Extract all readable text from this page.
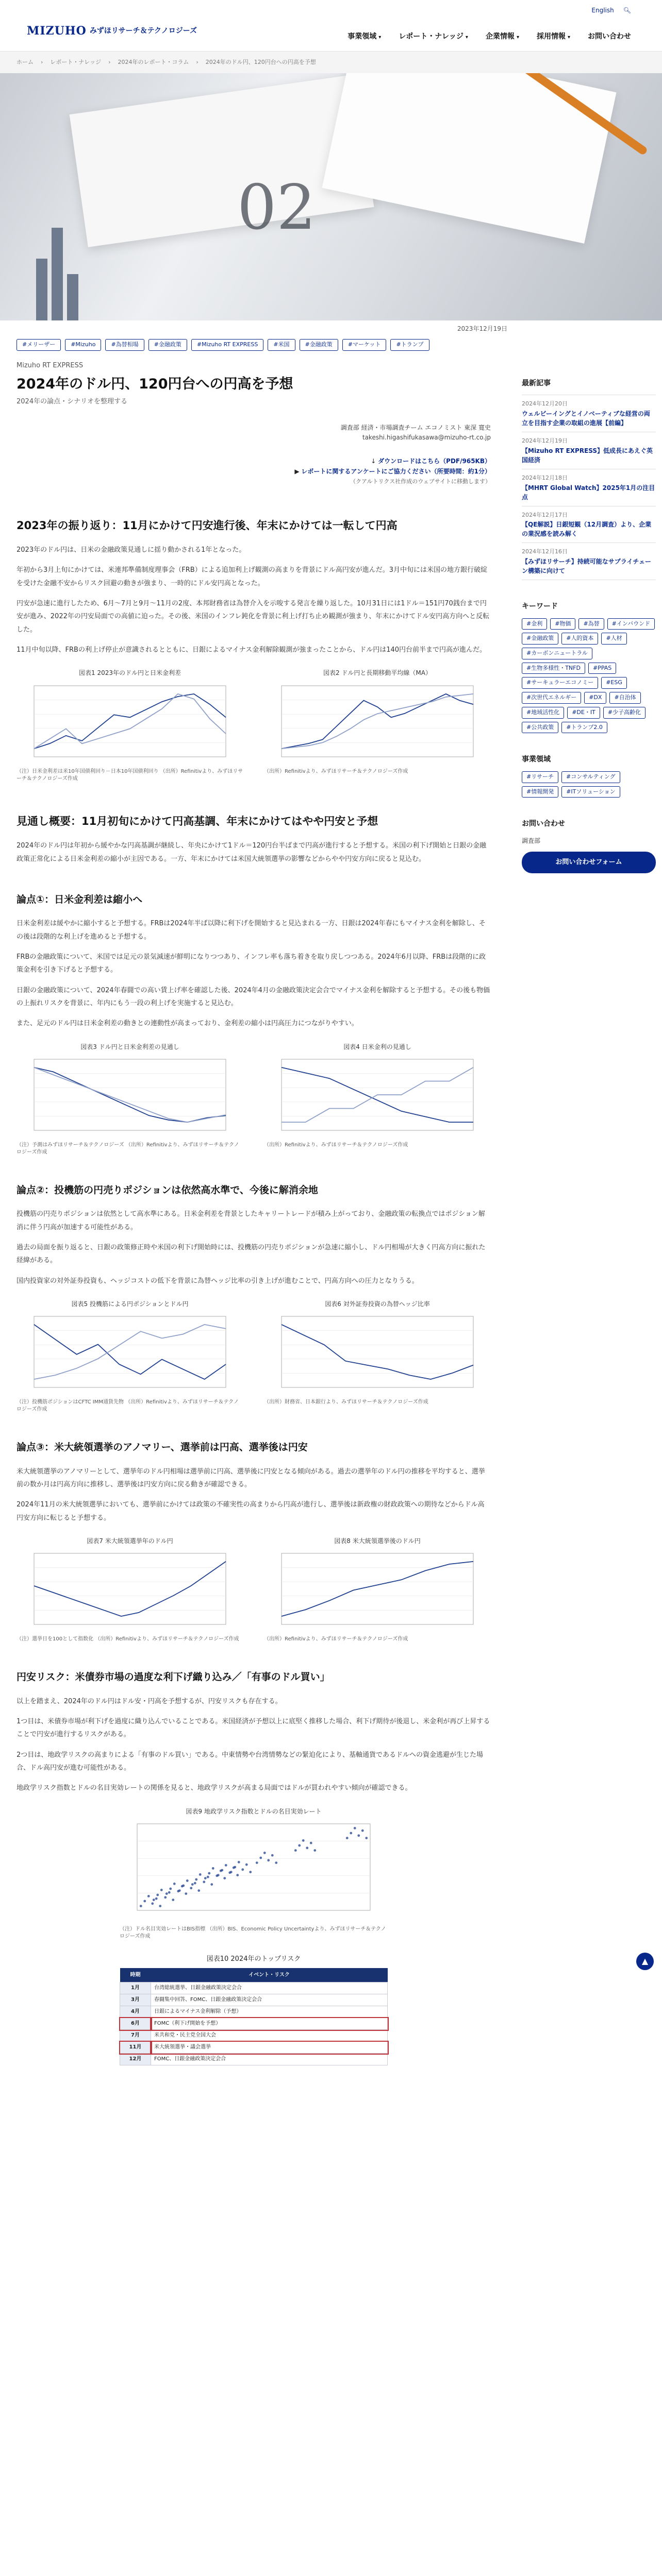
MIZUHO みずほリサーチ＆テクノロジーズ
English 🔍︎
事業領域 ▾ レポート・ナレッジ ▾ 企業情報 ▾ 採用情報 ▾ お問い合わせ
ホーム › レポート・ナレッジ › 2024年のレポート・コラム › 2024年のドル円、120円台への円高を予想
02
2023年12月19日
#メリーザー	#Mizuho	#為替相場	#金融政策	#Mizuho RT EXPRESS	#米国	#金融政策	#マーケット	#トランプ
Mizuho RT EXPRESS
2024年のドル円、120円台への円高を予想
2024年の論点・シナリオを整理する
調査部 経済・市場調査チーム エコノミスト 東深 寛史
takeshi.higashifukasawa@mizuho-rt.co.jp
↓ ダウンロードはこちら（PDF/965KB）
▶ レポートに関するアンケートにご協力ください（所要時間：約1分）
（クアルトリクス社作成のウェブサイトに移動します）
2023年の振り返り：11月にかけて円安進行後、年末にかけては一転して円高

2023年のドル円は、日米の金融政策見通しに揺り動かされる1年となった。

年初から3月上旬にかけては、米連邦準備制度理事会（FRB）による追加利上げ観測の高まりを背景にドル高円安が進んだ。3月中旬には米国の地方銀行破綻を受けた金融不安からリスク回避の動きが強まり、一時的にドル安円高となった。

円安が急速に進行したため、6月～7月と9月～11月の2度、本邦財務省は為替介入を示唆する発言を繰り返した。10月31日には1ドル＝151円70銭台まで円安が進み、2022年の円安局面での高値に迫った。その後、米国のインフレ鈍化を背景に利上げ打ち止め観測が強まり、年末にかけてドル安円高方向へと反転した。

11月中旬以降、FRBの利上げ停止が意識されるとともに、日銀によるマイナス金利解除観測が強まったことから、ドル円は140円台前半まで円高が進んだ。

図表1 2023年のドル円と日米金利差
（注）日米金利差は米10年国債利回り－日本10年国債利回り （出所）Refinitivより、みずほリサーチ＆テクノロジーズ作成
図表2 ドル円と長期移動平均線（MA）
（出所）Refinitivより、みずほリサーチ＆テクノロジーズ作成
見通し概要：11月初旬にかけて円高基調、年末にかけてはやや円安と予想

2024年のドル円は年初から緩やかな円高基調が継続し、年央にかけて1ドル＝120円台半ばまで円高が進行すると予想する。米国の利下げ開始と日銀の金融政策正常化による日米金利差の縮小が主因である。一方、年末にかけては米国大統領選挙の影響などからやや円安方向に戻ると見込む。

論点①：日米金利差は縮小へ

日米金利差は緩やかに縮小すると予想する。FRBは2024年半ば以降に利下げを開始すると見込まれる一方、日銀は2024年春にもマイナス金利を解除し、その後は段階的な利上げを進めると予想する。

FRBの金融政策について、米国では足元の景気減速が鮮明になりつつあり、インフレ率も落ち着きを取り戻しつつある。2024年6月以降、FRBは段階的に政策金利を引き下げると予想する。

日銀の金融政策について、2024年春闘での高い賃上げ率を確認した後、2024年4月の金融政策決定会合でマイナス金利を解除すると予想する。その後も物価の上振れリスクを背景に、年内にもう一段の利上げを実施すると見込む。

また、足元のドル円は日米金利差の動きとの連動性が高まっており、金利差の縮小は円高圧力につながりやすい。

図表3 ドル円と日米金利差の見通し
（注）予測はみずほリサーチ＆テクノロジーズ （出所）Refinitivより、みずほリサーチ＆テクノロジーズ作成
図表4 日米金利の見通し
（出所）Refinitivより、みずほリサーチ＆テクノロジーズ作成
論点②：投機筋の円売りポジションは依然高水準で、今後に解消余地

投機筋の円売りポジションは依然として高水準にある。日米金利差を背景としたキャリートレードが積み上がっており、金融政策の転換点ではポジション解消に伴う円高が加速する可能性がある。

過去の局面を振り返ると、日銀の政策修正時や米国の利下げ開始時には、投機筋の円売りポジションが急速に縮小し、ドル円相場が大きく円高方向に振れた経緯がある。

国内投資家の対外証券投資も、ヘッジコストの低下を背景に為替ヘッジ比率の引き上げが進むことで、円高方向への圧力となりうる。

図表5 投機筋による円ポジションとドル円
（注）投機筋ポジションはCFTC IMM通貨先物 （出所）Refinitivより、みずほリサーチ＆テクノロジーズ作成
図表6 対外証券投資の為替ヘッジ比率
（出所）財務省、日本銀行より、みずほリサーチ＆テクノロジーズ作成
論点③：米大統領選挙のアノマリー、選挙前は円高、選挙後は円安

米大統領選挙のアノマリーとして、選挙年のドル円相場は選挙前に円高、選挙後に円安となる傾向がある。過去の選挙年のドル円の推移を平均すると、選挙前の数か月は円高方向に推移し、選挙後は円安方向に戻る動きが確認できる。

2024年11月の米大統領選挙においても、選挙前にかけては政策の不確実性の高まりから円高が進行し、選挙後は新政権の財政政策への期待などからドル高円安方向に転じると予想する。

図表7 米大統領選挙年のドル円
（注）選挙日を100として指数化 （出所）Refinitivより、みずほリサーチ＆テクノロジーズ作成
図表8 米大統領選挙後のドル円
（出所）Refinitivより、みずほリサーチ＆テクノロジーズ作成
円安リスク：米債券市場の過度な利下げ織り込み／「有事のドル買い」

以上を踏まえ、2024年のドル円はドル安・円高を予想するが、円安リスクも存在する。

1つ目は、米債券市場が利下げを過度に織り込んでいることである。米国経済が予想以上に底堅く推移した場合、利下げ期待が後退し、米金利が再び上昇することで円安が進行するリスクがある。

2つ目は、地政学リスクの高まりによる「有事のドル買い」である。中東情勢や台湾情勢などの緊迫化により、基軸通貨であるドルへの資金逃避が生じた場合、ドル高円安が進む可能性がある。

地政学リスク指数とドルの名目実効レートの関係を見ると、地政学リスクが高まる局面ではドルが買われやすい傾向が確認できる。

図表9 地政学リスク指数とドルの名目実効レート
（注）ドル名目実効レートはBIS指標 （出所）BIS、Economic Policy Uncertaintyより、みずほリサーチ＆テクノロジーズ作成
図表10 2024年のトップリスク
時期	イベント・リスク
1月	台湾総統選挙、日銀金融政策決定会合
3月	春闘集中回答、FOMC、日銀金融政策決定会合
4月	日銀によるマイナス金利解除（予想）
6月	FOMC（利下げ開始を予想）
7月	米共和党・民主党全国大会
11月	米大統領選挙・議会選挙
12月	FOMC、日銀金融政策決定会合
最新記事
2024年12月20日
ウェルビーイングとイノベーティブな経営の両立を目指す企業の取組の進展【前編】
2024年12月19日
【Mizuho RT EXPRESS】低成長にあえぐ英国経済
2024年12月18日
【MHRT Global Watch】2025年1月の注目点
2024年12月17日
【QE解説】日銀短観（12月調査）より、企業の業況感を読み解く
2024年12月16日
【みずほリサーチ】持続可能なサプライチェーン構築に向けて
キーワード
#金利	#物価	#為替	#インバウンド
#金融政策	#人的資本	#人材
#カーボンニュートラル
#生物多様性・TNFD	#PPAS
#サーキュラーエコノミー	#ESG
#次世代エネルギー	#DX	#自治体
#地域活性化	#DE・IT	#少子高齢化
#公共政策	#トランプ2.0
事業領域
#リサーチ	#コンサルティング
#情報開発	#ITソリューション
お問い合わせ
調査部
お問い合わせフォーム
▲
